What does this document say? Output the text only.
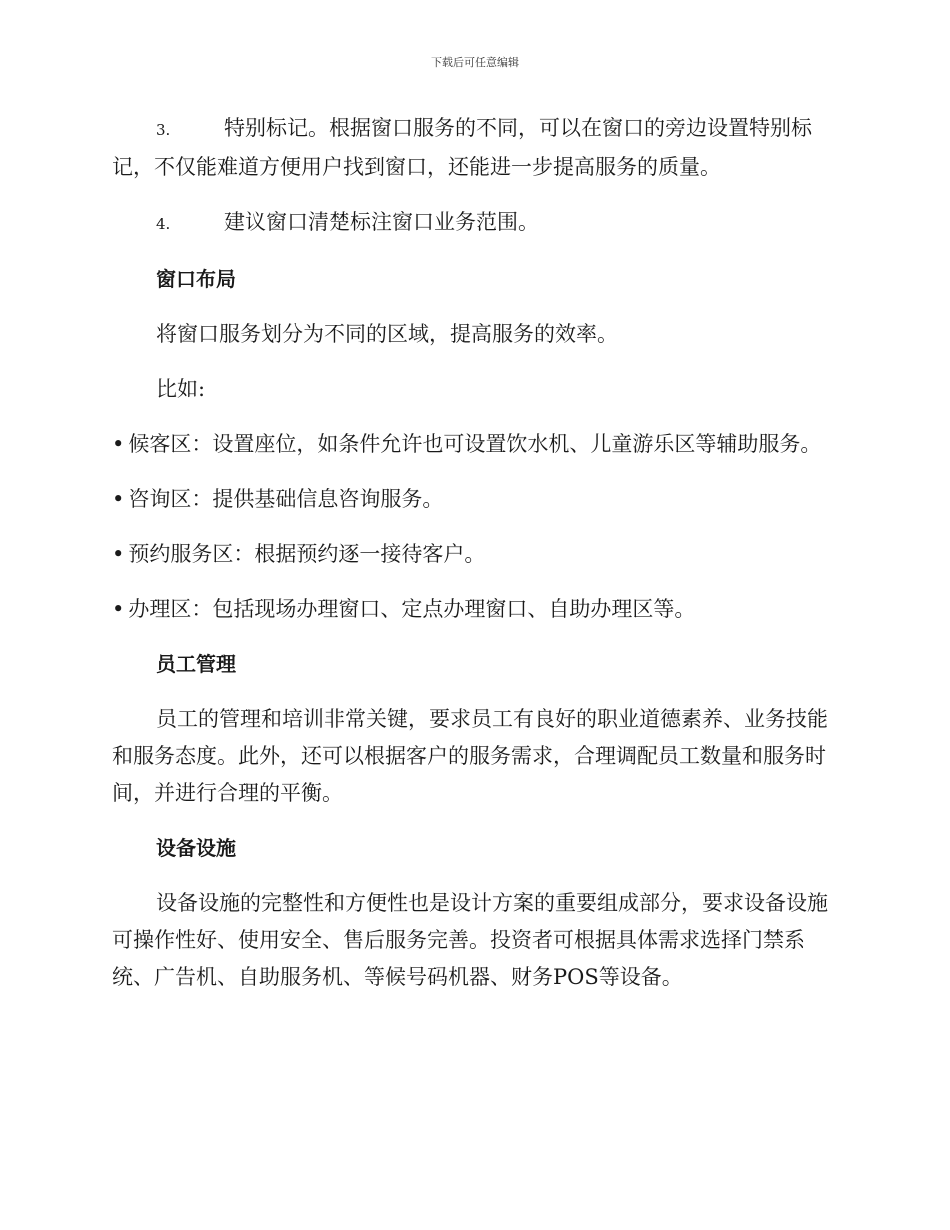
下载后可任意编辑

3.	特别标记。根据窗口服务的不同，可以在窗口的旁边设置特别标记，不仅能难道方便用户找到窗口，还能进一步提高服务的质量。

4.	建议窗口清楚标注窗口业务范围。

窗口布局

将窗口服务划分为不同的区域，提高服务的效率。

比如:

• 候客区：设置座位，如条件允许也可设置饮水机、儿童游乐区等辅助服务。

• 咨询区：提供基础信息咨询服务。

• 预约服务区：根据预约逐一接待客户。

• 办理区：包括现场办理窗口、定点办理窗口、自助办理区等。

员工管理

员工的管理和培训非常关键，要求员工有良好的职业道德素养、业务技能和服务态度。此外，还可以根据客户的服务需求，合理调配员工数量和服务时间，并进行合理的平衡。

设备设施

设备设施的完整性和方便性也是设计方案的重要组成部分，要求设备设施可操作性好、使用安全、售后服务完善。投资者可根据具体需求选择门禁系统、广告机、自助服务机、等候号码机器、财务POS等设备。
